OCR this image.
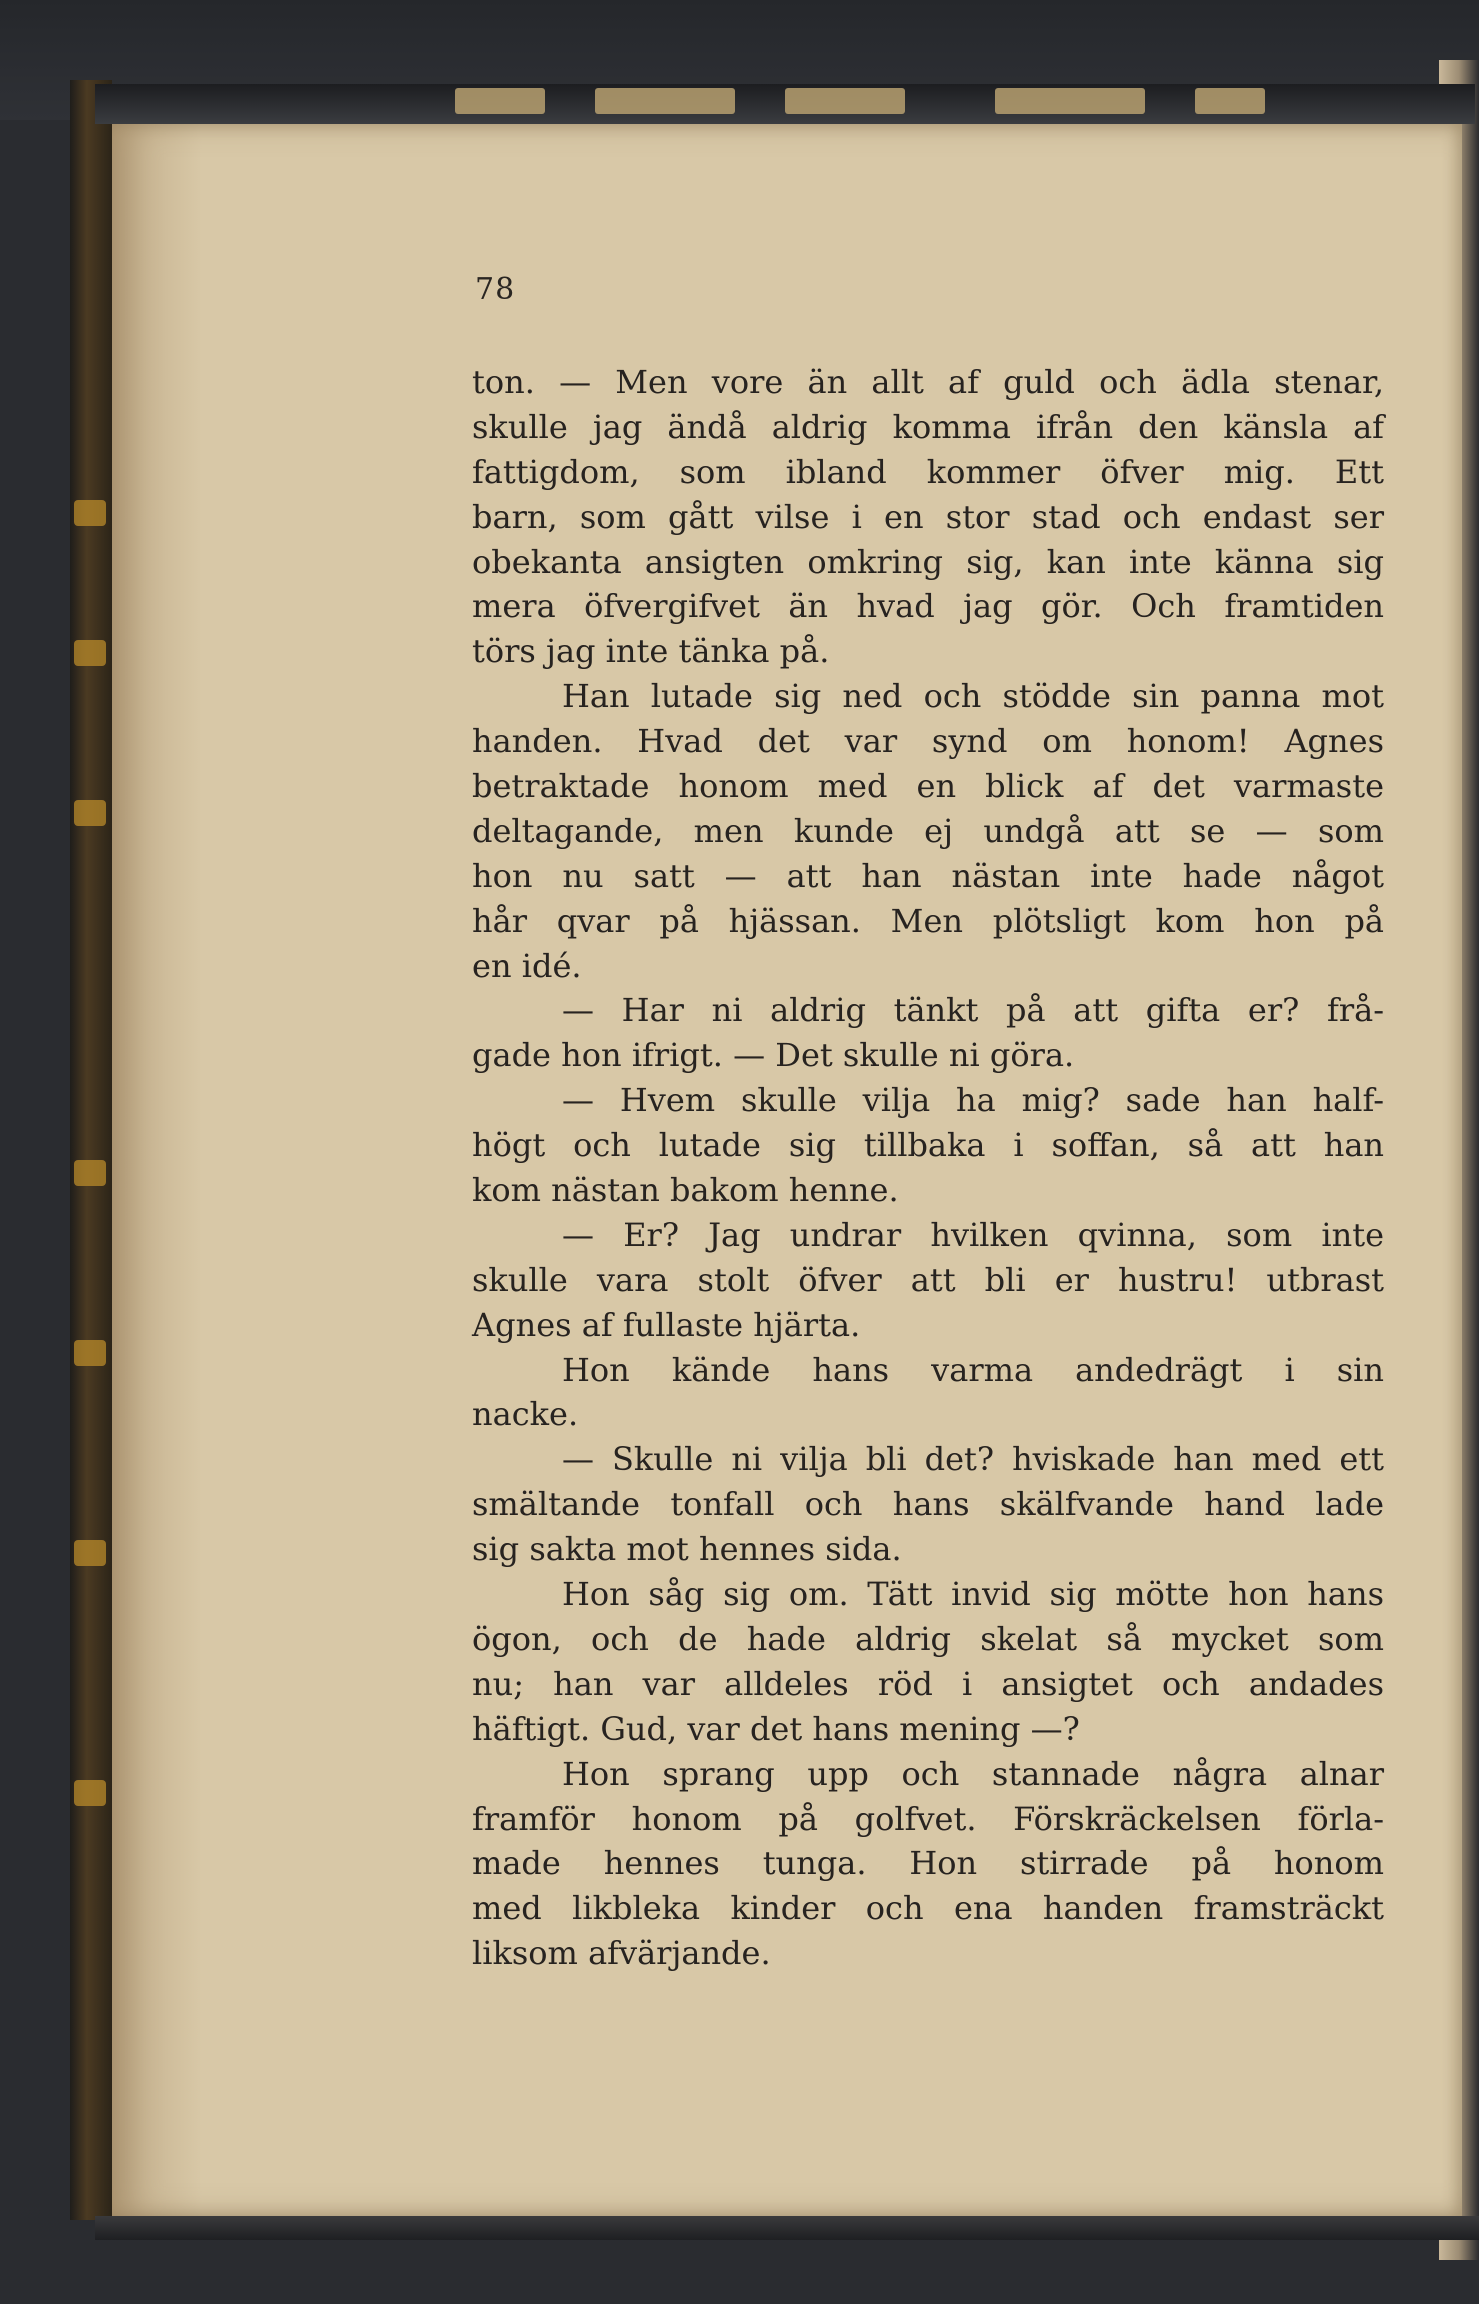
78
ton. — Men vore än allt af guld och ädla stenar,
skulle jag ändå aldrig komma ifrån den känsla af
fattigdom, som ibland kommer öfver mig. Ett
barn, som gått vilse i en stor stad och endast ser
obekanta ansigten omkring sig, kan inte känna sig
mera öfvergifvet än hvad jag gör. Och framtiden
törs jag inte tänka på.
Han lutade sig ned och stödde sin panna mot
handen. Hvad det var synd om honom! Agnes
betraktade honom med en blick af det varmaste
deltagande, men kunde ej undgå att se — som
hon nu satt — att han nästan inte hade något
hår qvar på hjässan. Men plötsligt kom hon på
en idé.
— Har ni aldrig tänkt på att gifta er? frå-
gade hon ifrigt. — Det skulle ni göra.
— Hvem skulle vilja ha mig? sade han half-
högt och lutade sig tillbaka i soffan, så att han
kom nästan bakom henne.
— Er? Jag undrar hvilken qvinna, som inte
skulle vara stolt öfver att bli er hustru! utbrast
Agnes af fullaste hjärta.
Hon kände hans varma andedrägt i sin
nacke.
— Skulle ni vilja bli det? hviskade han med ett
smältande tonfall och hans skälfvande hand lade
sig sakta mot hennes sida.
Hon såg sig om. Tätt invid sig mötte hon hans
ögon, och de hade aldrig skelat så mycket som
nu; han var alldeles röd i ansigtet och andades
häftigt. Gud, var det hans mening —?
Hon sprang upp och stannade några alnar
framför honom på golfvet. Förskräckelsen förla-
made hennes tunga. Hon stirrade på honom
med likbleka kinder och ena handen framsträckt
liksom afvärjande.
